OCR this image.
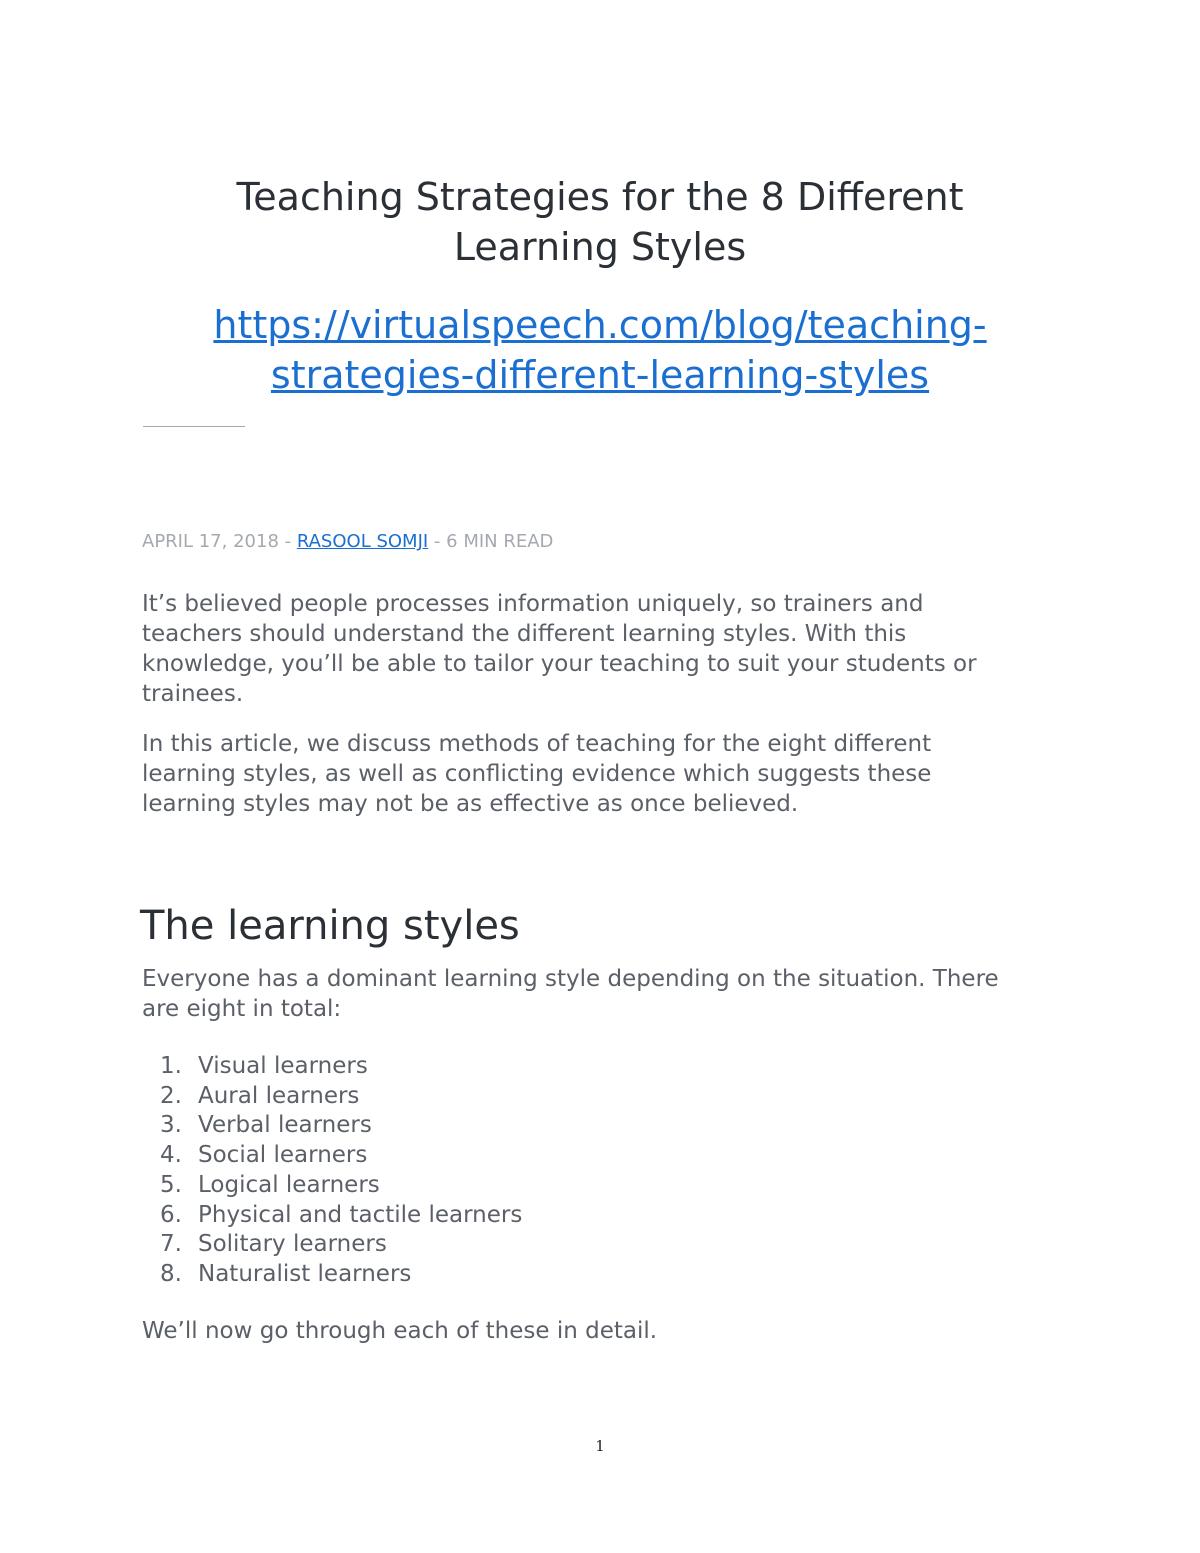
Teaching Strategies for the 8 Different
Learning Styles
https://virtualspeech.com/blog/teaching-
strategies-different-learning-styles
APRIL 17, 2018 - RASOOL SOMJI - 6 MIN READ

It’s believed people processes information uniquely, so trainers and
teachers should understand the different learning styles. With this
knowledge, you’ll be able to tailor your teaching to suit your students or
trainees.

In this article, we discuss methods of teaching for the eight different
learning styles, as well as conflicting evidence which suggests these
learning styles may not be as effective as once believed.

The learning styles

Everyone has a dominant learning style depending on the situation. There
are eight in total:

1. Visual learners
2. Aural learners
3. Verbal learners
4. Social learners
5. Logical learners
6. Physical and tactile learners
7. Solitary learners
8. Naturalist learners

We’ll now go through each of these in detail.

1
